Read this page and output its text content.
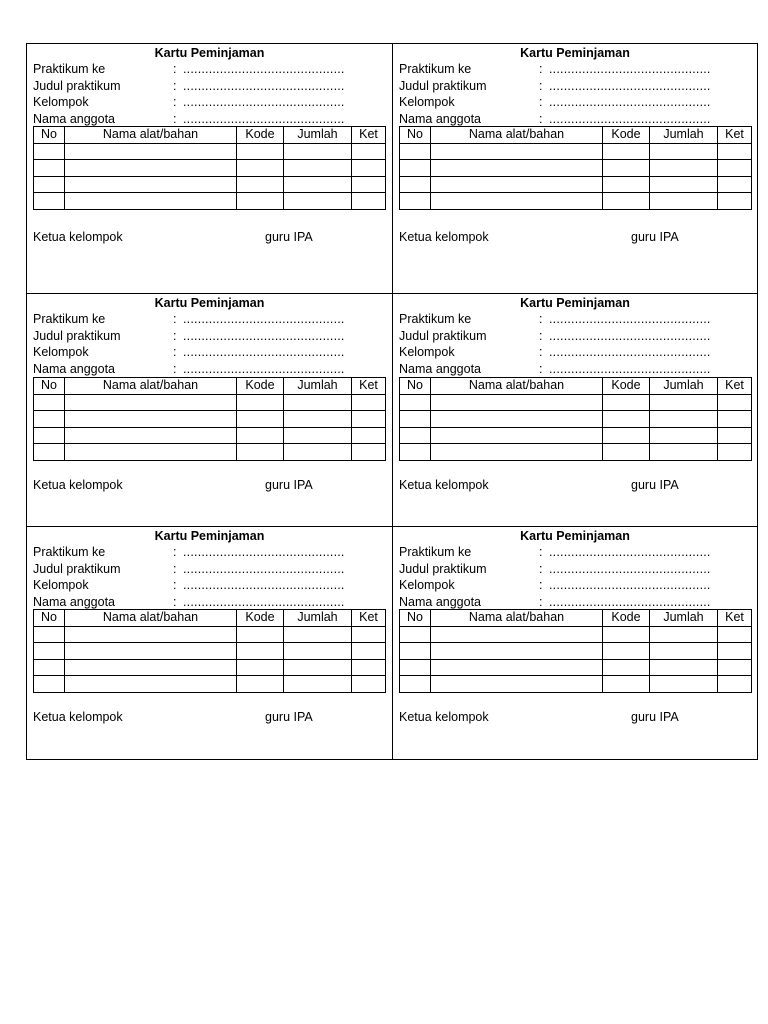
Kartu Peminjaman
Praktikum ke	: ............................................
Judul praktikum	: ............................................
Kelompok	: ............................................
Nama anggota	: ............................................
No	Nama alat/bahan	Kode	Jumlah	Ket

Ketua kelompok	guru IPA
Kartu Peminjaman
Praktikum ke	: ............................................
Judul praktikum	: ............................................
Kelompok	: ............................................
Nama anggota	: ............................................
No	Nama alat/bahan	Kode	Jumlah	Ket

Ketua kelompok	guru IPA
Kartu Peminjaman
Praktikum ke	: ............................................
Judul praktikum	: ............................................
Kelompok	: ............................................
Nama anggota	: ............................................
No	Nama alat/bahan	Kode	Jumlah	Ket

Ketua kelompok	guru IPA
Kartu Peminjaman
Praktikum ke	: ............................................
Judul praktikum	: ............................................
Kelompok	: ............................................
Nama anggota	: ............................................
No	Nama alat/bahan	Kode	Jumlah	Ket

Ketua kelompok	guru IPA
Kartu Peminjaman
Praktikum ke	: ............................................
Judul praktikum	: ............................................
Kelompok	: ............................................
Nama anggota	: ............................................
No	Nama alat/bahan	Kode	Jumlah	Ket

Ketua kelompok	guru IPA
Kartu Peminjaman
Praktikum ke	: ............................................
Judul praktikum	: ............................................
Kelompok	: ............................................
Nama anggota	: ............................................
No	Nama alat/bahan	Kode	Jumlah	Ket

Ketua kelompok	guru IPA
